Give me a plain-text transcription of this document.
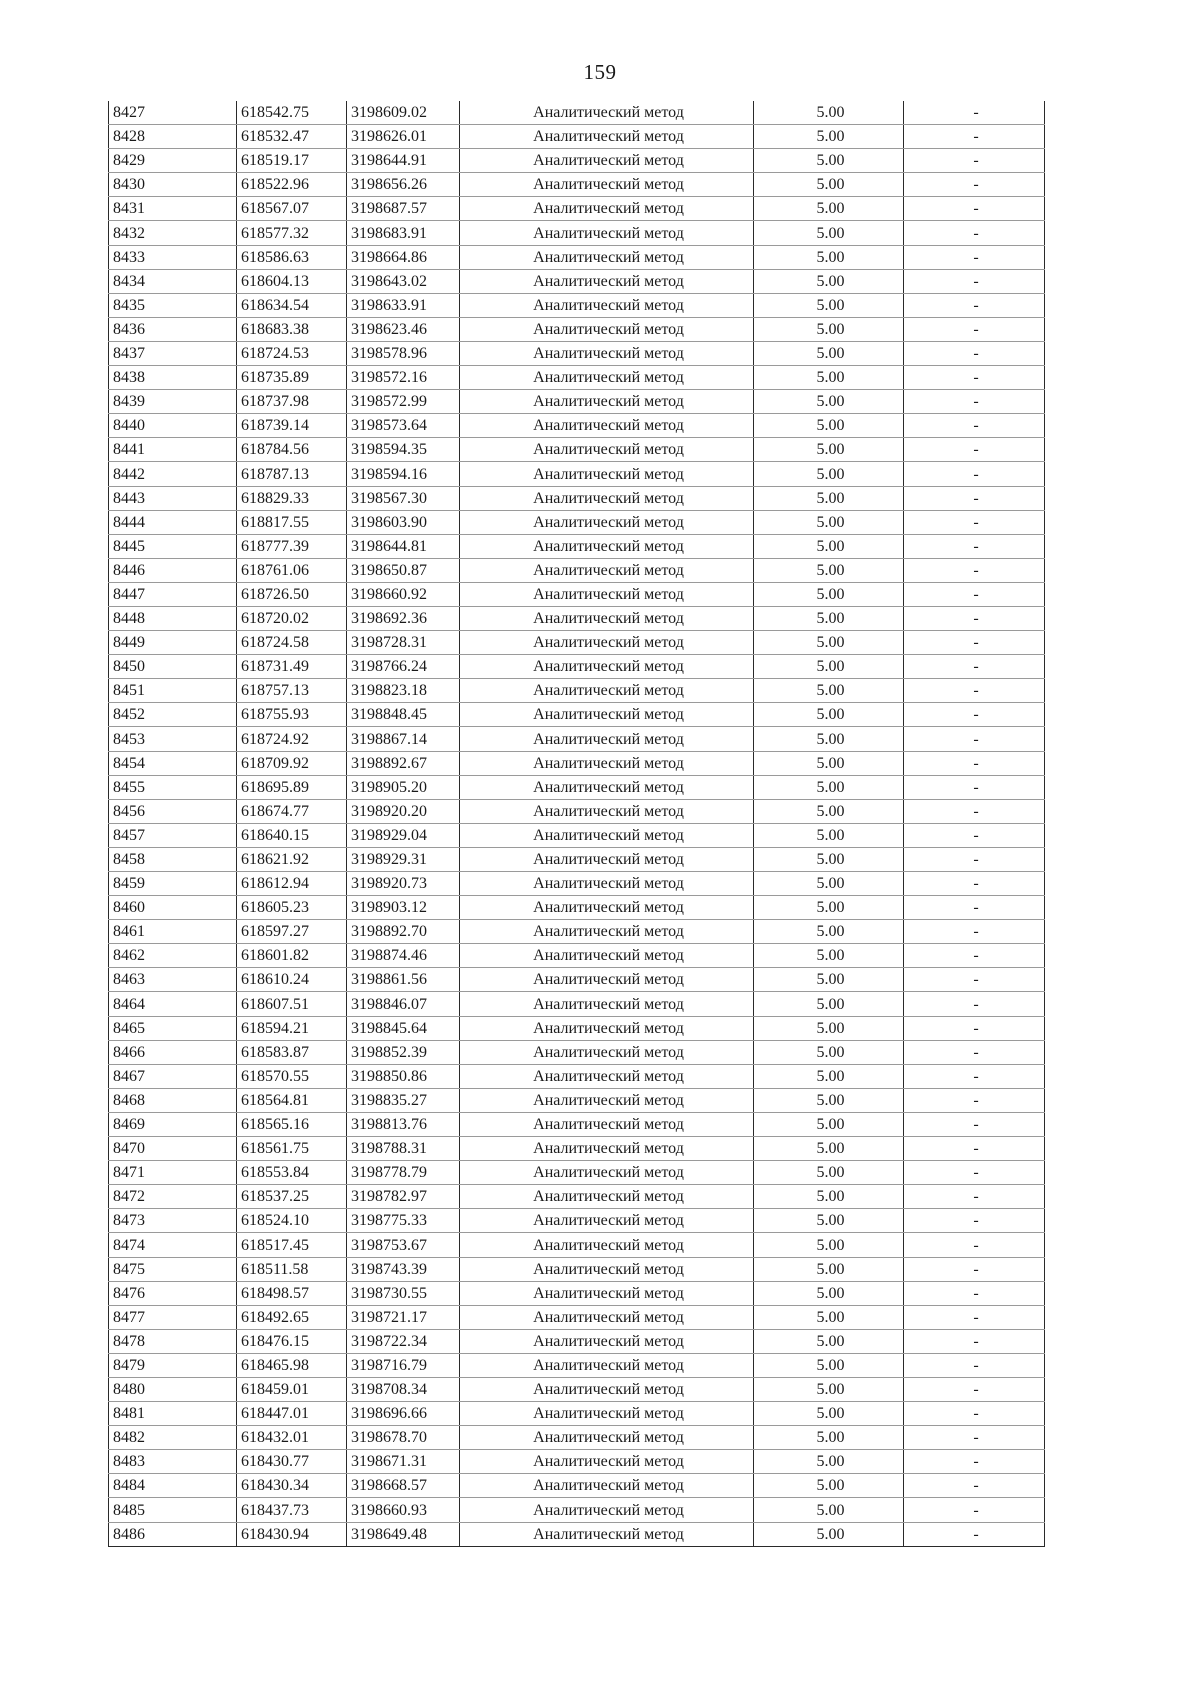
159
8427	618542.75	3198609.02	Аналитический метод	5.00	-
8428	618532.47	3198626.01	Аналитический метод	5.00	-
8429	618519.17	3198644.91	Аналитический метод	5.00	-
8430	618522.96	3198656.26	Аналитический метод	5.00	-
8431	618567.07	3198687.57	Аналитический метод	5.00	-
8432	618577.32	3198683.91	Аналитический метод	5.00	-
8433	618586.63	3198664.86	Аналитический метод	5.00	-
8434	618604.13	3198643.02	Аналитический метод	5.00	-
8435	618634.54	3198633.91	Аналитический метод	5.00	-
8436	618683.38	3198623.46	Аналитический метод	5.00	-
8437	618724.53	3198578.96	Аналитический метод	5.00	-
8438	618735.89	3198572.16	Аналитический метод	5.00	-
8439	618737.98	3198572.99	Аналитический метод	5.00	-
8440	618739.14	3198573.64	Аналитический метод	5.00	-
8441	618784.56	3198594.35	Аналитический метод	5.00	-
8442	618787.13	3198594.16	Аналитический метод	5.00	-
8443	618829.33	3198567.30	Аналитический метод	5.00	-
8444	618817.55	3198603.90	Аналитический метод	5.00	-
8445	618777.39	3198644.81	Аналитический метод	5.00	-
8446	618761.06	3198650.87	Аналитический метод	5.00	-
8447	618726.50	3198660.92	Аналитический метод	5.00	-
8448	618720.02	3198692.36	Аналитический метод	5.00	-
8449	618724.58	3198728.31	Аналитический метод	5.00	-
8450	618731.49	3198766.24	Аналитический метод	5.00	-
8451	618757.13	3198823.18	Аналитический метод	5.00	-
8452	618755.93	3198848.45	Аналитический метод	5.00	-
8453	618724.92	3198867.14	Аналитический метод	5.00	-
8454	618709.92	3198892.67	Аналитический метод	5.00	-
8455	618695.89	3198905.20	Аналитический метод	5.00	-
8456	618674.77	3198920.20	Аналитический метод	5.00	-
8457	618640.15	3198929.04	Аналитический метод	5.00	-
8458	618621.92	3198929.31	Аналитический метод	5.00	-
8459	618612.94	3198920.73	Аналитический метод	5.00	-
8460	618605.23	3198903.12	Аналитический метод	5.00	-
8461	618597.27	3198892.70	Аналитический метод	5.00	-
8462	618601.82	3198874.46	Аналитический метод	5.00	-
8463	618610.24	3198861.56	Аналитический метод	5.00	-
8464	618607.51	3198846.07	Аналитический метод	5.00	-
8465	618594.21	3198845.64	Аналитический метод	5.00	-
8466	618583.87	3198852.39	Аналитический метод	5.00	-
8467	618570.55	3198850.86	Аналитический метод	5.00	-
8468	618564.81	3198835.27	Аналитический метод	5.00	-
8469	618565.16	3198813.76	Аналитический метод	5.00	-
8470	618561.75	3198788.31	Аналитический метод	5.00	-
8471	618553.84	3198778.79	Аналитический метод	5.00	-
8472	618537.25	3198782.97	Аналитический метод	5.00	-
8473	618524.10	3198775.33	Аналитический метод	5.00	-
8474	618517.45	3198753.67	Аналитический метод	5.00	-
8475	618511.58	3198743.39	Аналитический метод	5.00	-
8476	618498.57	3198730.55	Аналитический метод	5.00	-
8477	618492.65	3198721.17	Аналитический метод	5.00	-
8478	618476.15	3198722.34	Аналитический метод	5.00	-
8479	618465.98	3198716.79	Аналитический метод	5.00	-
8480	618459.01	3198708.34	Аналитический метод	5.00	-
8481	618447.01	3198696.66	Аналитический метод	5.00	-
8482	618432.01	3198678.70	Аналитический метод	5.00	-
8483	618430.77	3198671.31	Аналитический метод	5.00	-
8484	618430.34	3198668.57	Аналитический метод	5.00	-
8485	618437.73	3198660.93	Аналитический метод	5.00	-
8486	618430.94	3198649.48	Аналитический метод	5.00	-
